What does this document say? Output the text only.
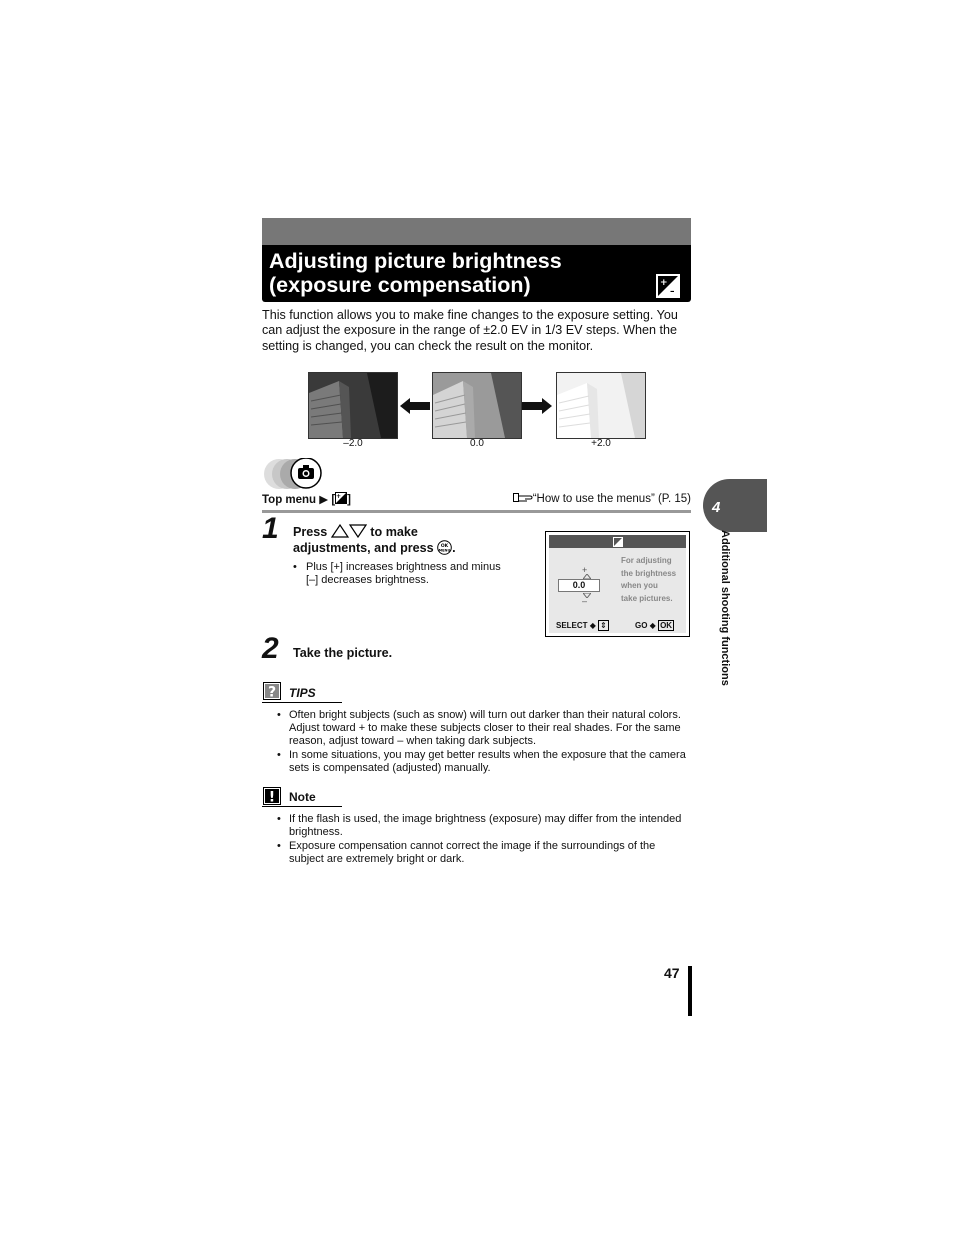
Adjusting picture brightness
(exposure compensation)	+
–

This function allows you to make fine changes to the exposure setting. You

can adjust the exposure in the range of ±2.0 EV in 1/3 EV steps. When the

setting is changed, you can check the result on the monitor.

–2.0	0.0	+2.0
Top menu ▶ [ + ]	“How to use the menus” (P. 15)
1 Press	to make
adjustments, and press OK
MENU .
• Plus [+] increases brightness and minus
[–] decreases brightness.
+
0.0
–
For adjusting
the brightness
when you
take pictures.
SELECT ◆ ⇕	GO ◆ OK
2 Take the picture.
? TIPS
• Often bright subjects (such as snow) will turn out darker than their natural colors. Adjust toward + to make these subjects closer to their real shades. For the same reason, adjust toward – when taking dark subjects.
• In some situations, you may get better results when the exposure that the camera sets is compensated (adjusted) manually.
! Note
• If the flash is used, the image brightness (exposure) may differ from the intended brightness.
• Exposure compensation cannot correct the image if the surroundings of the subject are extremely bright or dark.
4
Additional shooting functions
47
